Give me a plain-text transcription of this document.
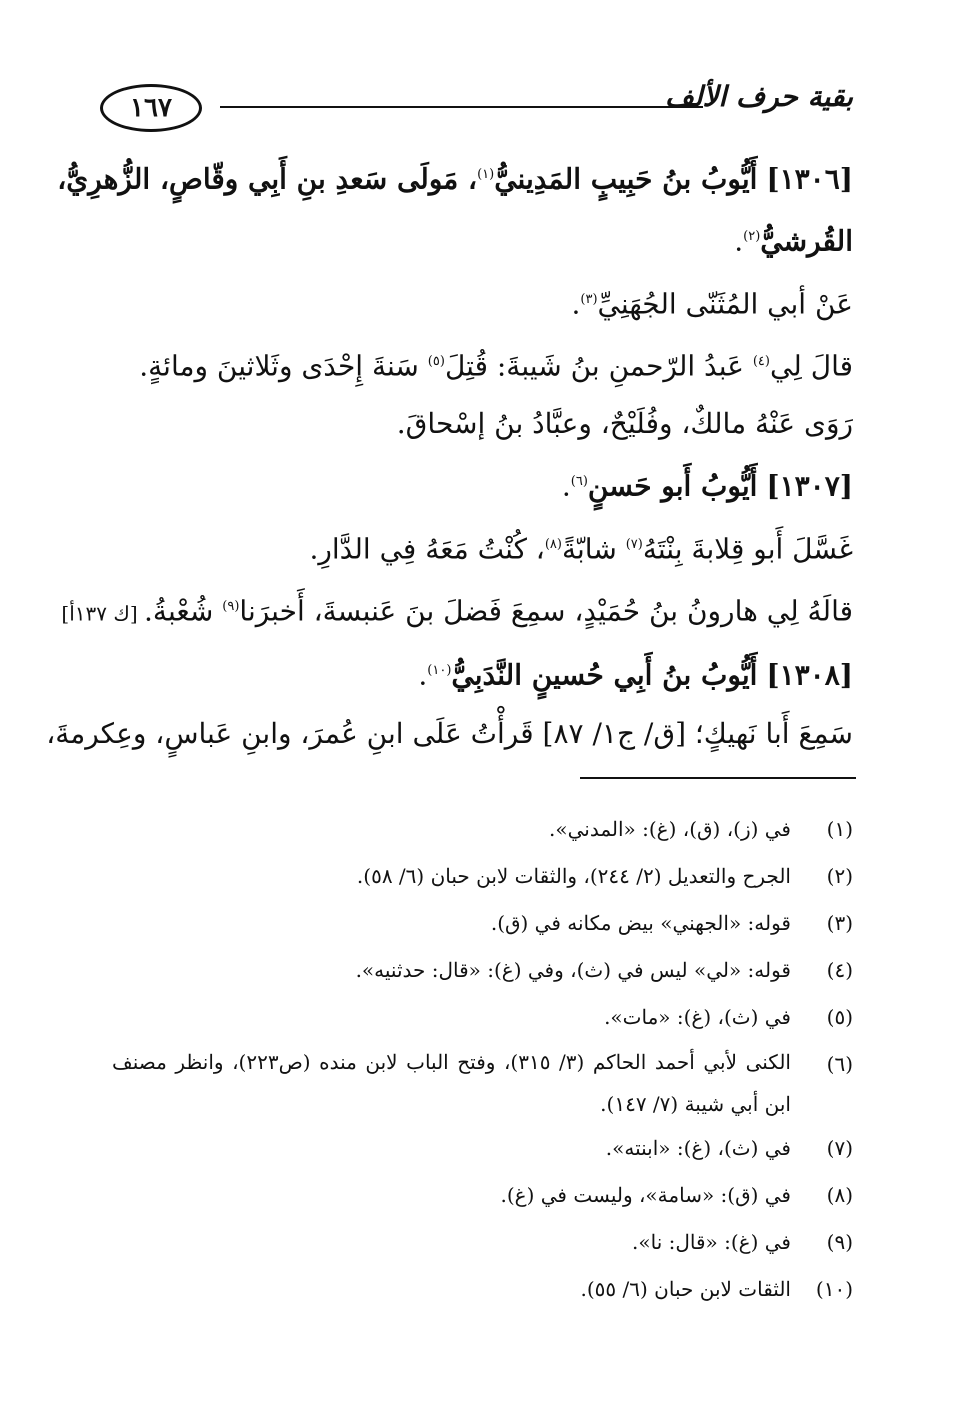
١٦٧	بقية حرف الألف
[١٣٠٦] أَيُّوبُ بنُ حَبِيبٍ المَدِينيُّ$^{(١)}$، مَولَى سَعدِ بنِ أَبِي وقّاصٍ، الزُّهرِيُّ،
القُرشيُّ$^{(٢)}$.
عَنْ أبي المُثَنّى الجُهَنِيِّ$^{(٣)}$.
قالَ لِي$^{(٤)}$ عَبدُ الرّحمنِ بنُ شَيبةَ: قُتِلَ$^{(٥)}$ سَنةَ إِحْدَى وثَلاثينَ ومائةٍ.
رَوَى عَنْهُ مالكٌ، وفُلَيْحٌ، وعبَّادُ بنُ إسْحاقَ.
[١٣٠٧] أَيُّوبُ أَبو حَسنٍ$^{(٦)}$.
غَسَّلَ أَبو قِلابةَ بِنْتَهُ$^{(٧)}$ شابّةً$^{(٨)}$، كُنْتُ مَعَهُ فِي الدَّارِ.
قالَهُ لِي هارونُ بنُ حُمَيْدٍ، سمِعَ فَضلَ بنَ عَنبسةَ، أَخبرَنا$^{(٩)}$ شُعْبةُ. [ك ١٣٧أ]
[١٣٠٨] أَيُّوبُ بنُ أَبِي حُسينٍ النَّدَبِيُّ$^{(١٠)}$.
سَمِعَ أَبا نَهيكٍ؛ [ق/ ج١/ ٨٧] قَرأْتُ عَلَى ابنِ عُمرَ، وابنِ عَباسٍ، وعِكرمةَ،
(١)
في (ز)، (ق)، (غ): «المدني».
(٢)
الجرح والتعديل (٢/ ٢٤٤)، والثقات لابن حبان (٦/ ٥٨).
(٣)
قوله: «الجهني» بيض مكانه في (ق).
(٤)
قوله: «لي» ليس في (ث)، وفي (غ): «قال: حدثنيه».
(٥)
في (ث)، (غ): «مات».
(٦)
الكنى لأبي أحمد الحاكم (٣/ ٣١٥)، وفتح الباب لابن منده (ص٢٢٣)، وانظر مصنف ابن أبي شيبة (٧/ ١٤٧).
(٧)
في (ث)، (غ): «ابنته».
(٨)
في (ق): «سامة»، وليست في (غ).
(٩)
في (غ): «قال: نا».
(١٠)
الثقات لابن حبان (٦/ ٥٥).
